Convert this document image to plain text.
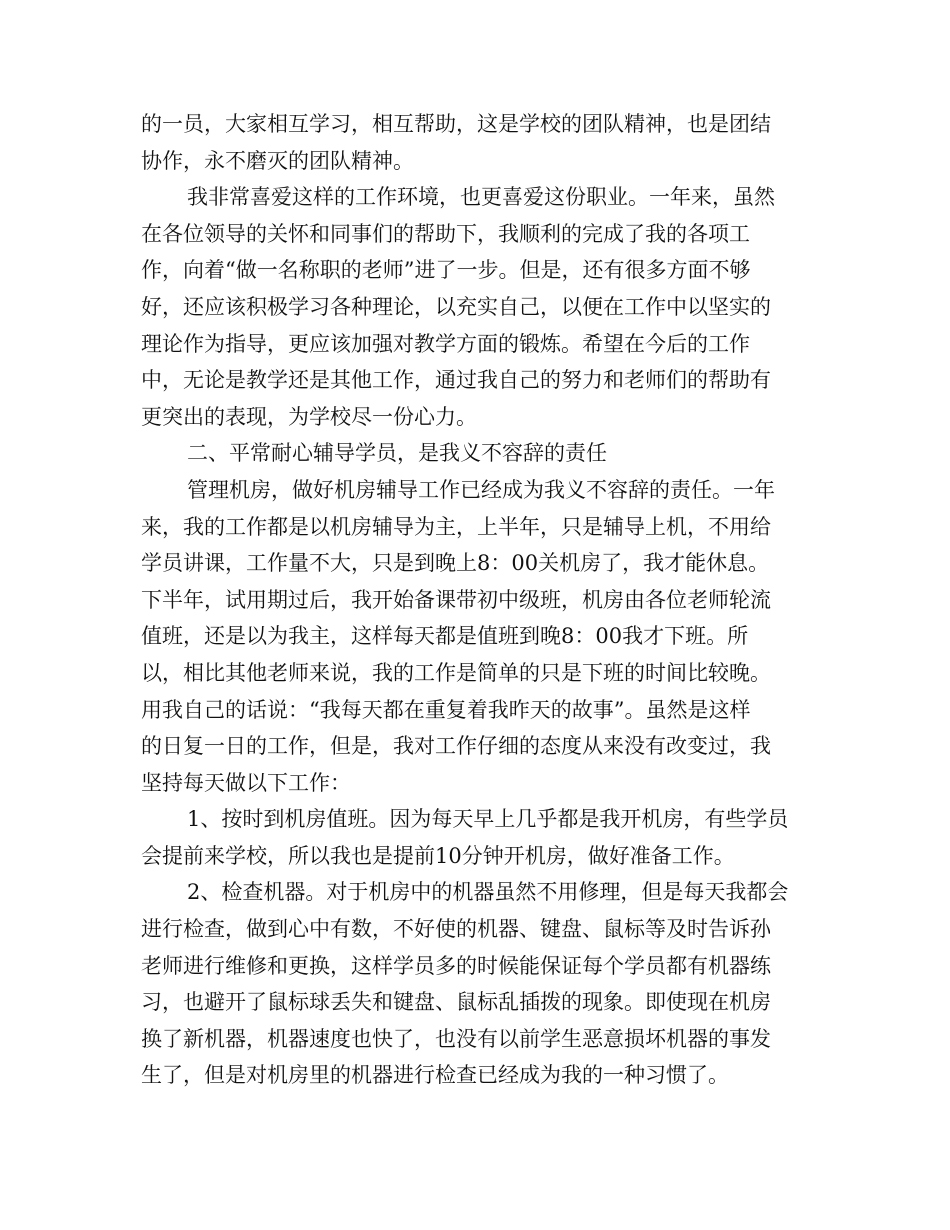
的一员，大家相互学习，相互帮助，这是学校的团队精神，也是团结
协作，永不磨灭的团队精神。
我非常喜爱这样的工作环境，也更喜爱这份职业。一年来，虽然
在各位领导的关怀和同事们的帮助下，我顺利的完成了我的各项工
作，向着“做一名称职的老师”进了一步。但是，还有很多方面不够
好，还应该积极学习各种理论，以充实自己，以便在工作中以坚实的
理论作为指导，更应该加强对教学方面的锻炼。希望在今后的工作
中，无论是教学还是其他工作，通过我自己的努力和老师们的帮助有
更突出的表现，为学校尽一份心力。
二、平常耐心辅导学员，是我义不容辞的责任
管理机房，做好机房辅导工作已经成为我义不容辞的责任。一年
来，我的工作都是以机房辅导为主，上半年，只是辅导上机，不用给
学员讲课，工作量不大，只是到晚上8：00关机房了，我才能休息。
下半年，试用期过后，我开始备课带初中级班，机房由各位老师轮流
值班，还是以为我主，这样每天都是值班到晚8：00我才下班。所
以，相比其他老师来说，我的工作是简单的只是下班的时间比较晚。
用我自己的话说：“我每天都在重复着我昨天的故事”。虽然是这样
的日复一日的工作，但是，我对工作仔细的态度从来没有改变过，我
坚持每天做以下工作：
1、按时到机房值班。因为每天早上几乎都是我开机房，有些学员
会提前来学校，所以我也是提前10分钟开机房，做好准备工作。
2、检查机器。对于机房中的机器虽然不用修理，但是每天我都会
进行检查，做到心中有数，不好使的机器、键盘、鼠标等及时告诉孙
老师进行维修和更换，这样学员多的时候能保证每个学员都有机器练
习，也避开了鼠标球丢失和键盘、鼠标乱插拨的现象。即使现在机房
换了新机器，机器速度也快了，也没有以前学生恶意损坏机器的事发
生了，但是对机房里的机器进行检查已经成为我的一种习惯了。
